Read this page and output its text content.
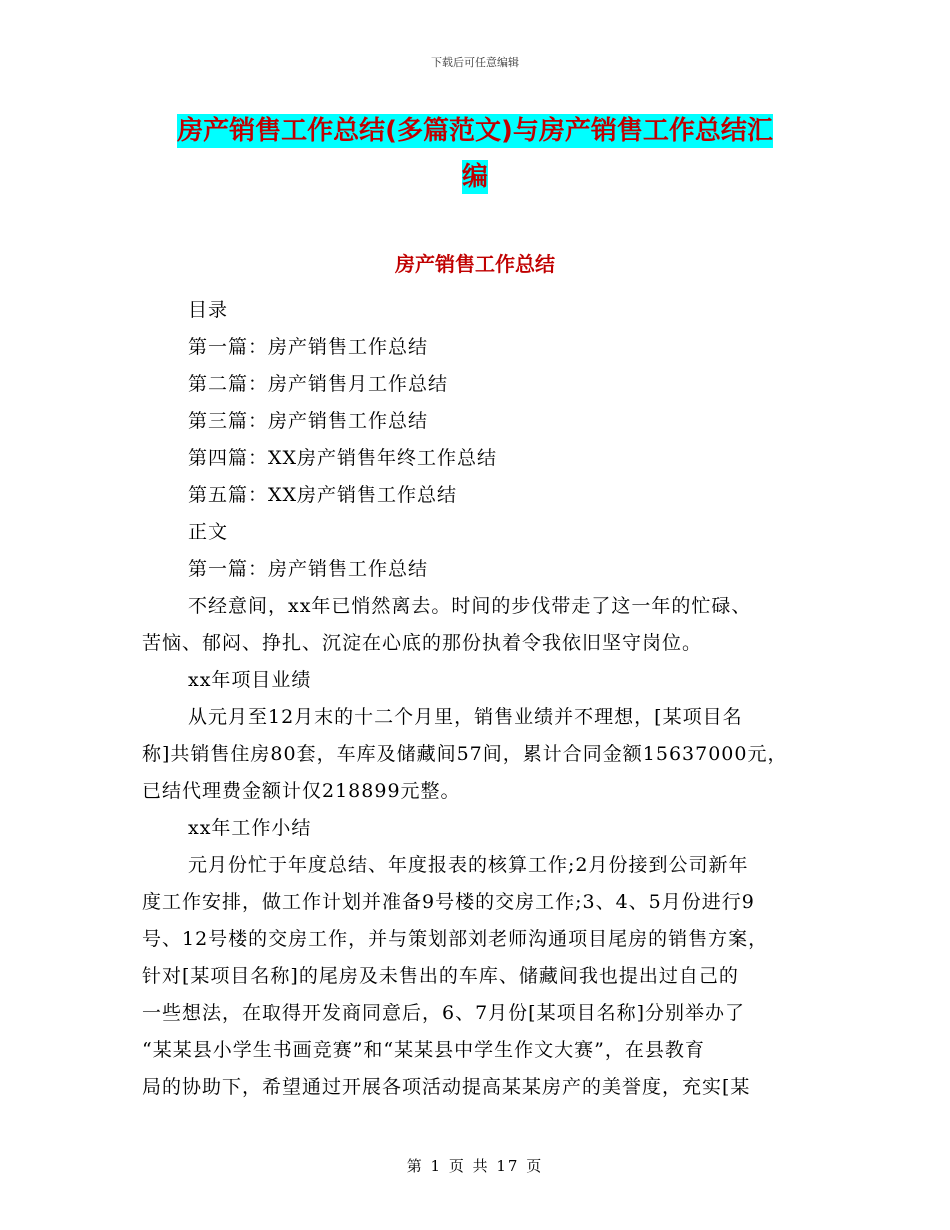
下载后可任意编辑
房产销售工作总结(多篇范文)与房产销售工作总结汇
编
房产销售工作总结
目录
第一篇：房产销售工作总结
第二篇：房产销售月工作总结
第三篇：房产销售工作总结
第四篇：XX房产销售年终工作总结
第五篇：XX房产销售工作总结
正文
第一篇：房产销售工作总结
不经意间，xx年已悄然离去。时间的步伐带走了这一年的忙碌、
苦恼、郁闷、挣扎、沉淀在心底的那份执着令我依旧坚守岗位。
xx年项目业绩
从元月至12月末的十二个月里，销售业绩并不理想，[某项目名
称]共销售住房80套，车库及储藏间57间，累计合同金额15637000元，
已结代理费金额计仅218899元整。
xx年工作小结
元月份忙于年度总结、年度报表的核算工作;2月份接到公司新年
度工作安排，做工作计划并准备9号楼的交房工作;3、4、5月份进行9
号、12号楼的交房工作，并与策划部刘老师沟通项目尾房的销售方案，
针对[某项目名称]的尾房及未售出的车库、储藏间我也提出过自己的
一些想法，在取得开发商同意后，6、7月份[某项目名称]分别举办了
“某某县小学生书画竞赛”和“某某县中学生作文大赛”，在县教育
局的协助下，希望通过开展各项活动提高某某房产的美誉度，充实[某
第 1 页 共 17 页
